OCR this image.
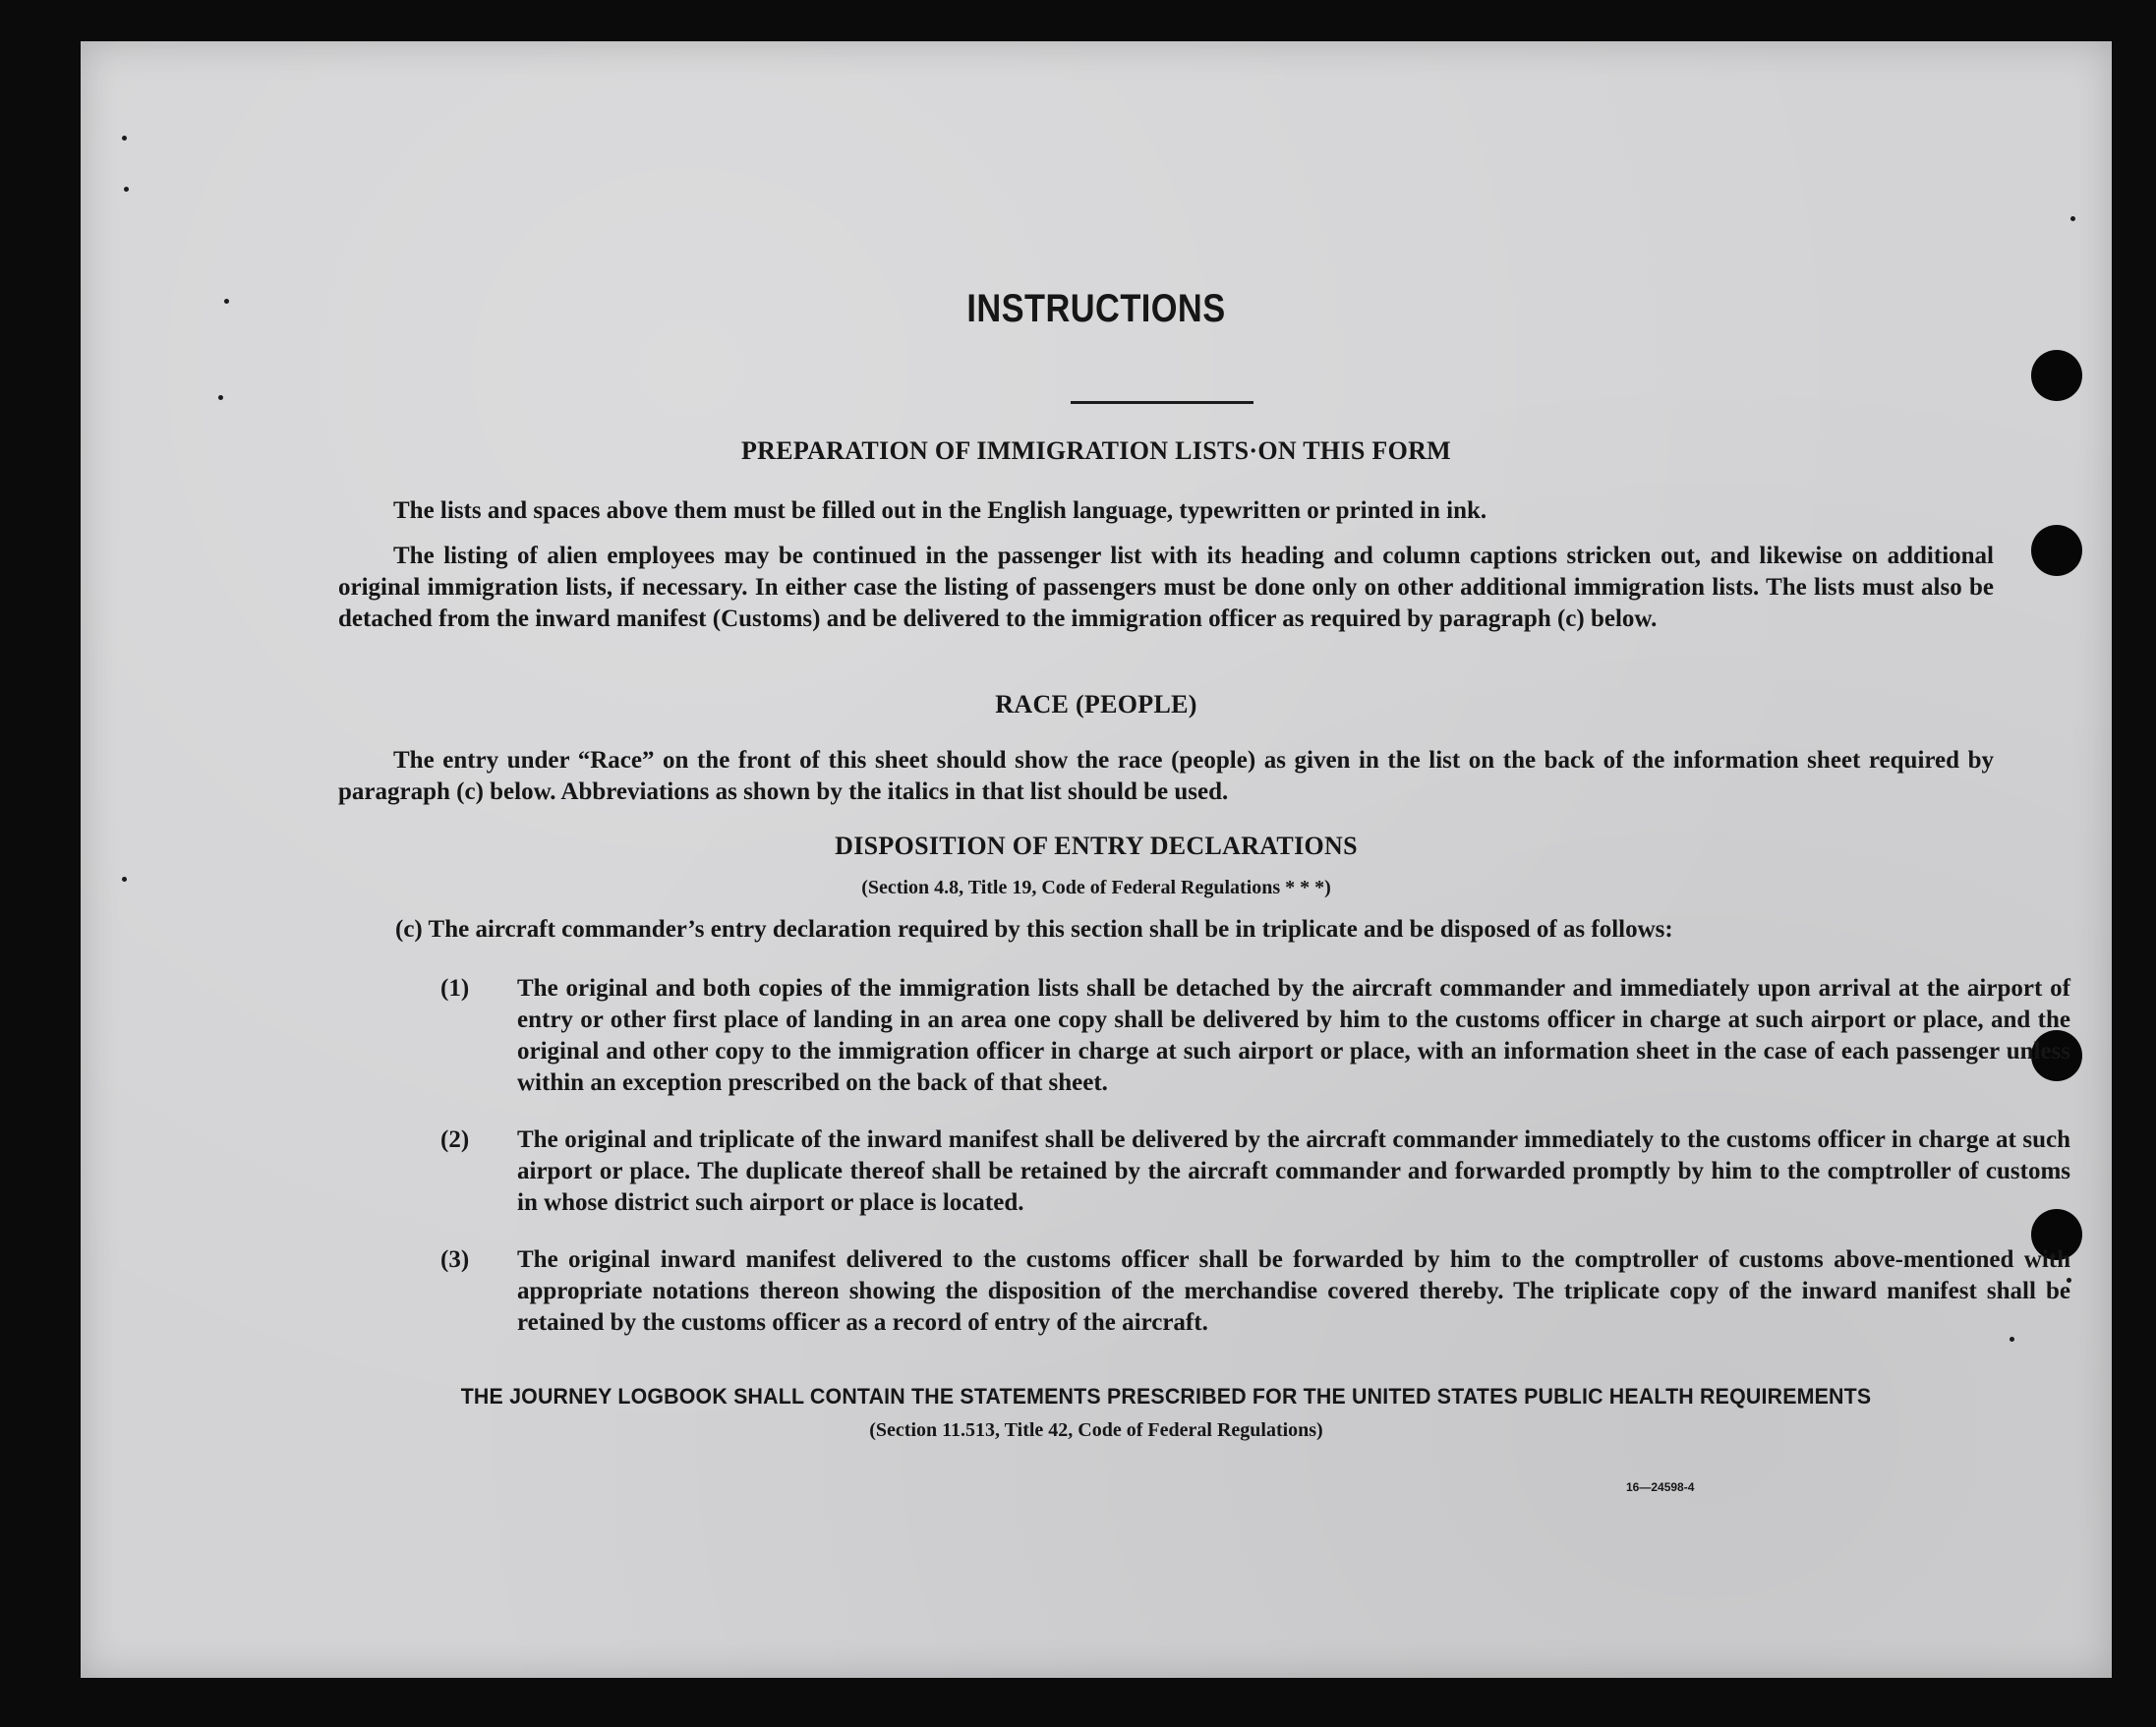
INSTRUCTIONS
PREPARATION OF IMMIGRATION LISTS·ON THIS FORM

The lists and spaces above them must be filled out in the English language, typewritten or printed in ink.

The listing of alien employees may be continued in the passenger list with its heading and column captions stricken out, and likewise on additional original immigration lists, if necessary. In either case the listing of passengers must be done only on other additional immigration lists. The lists must also be detached from the inward manifest (Customs) and be delivered to the immigration officer as required by paragraph (c) below.

RACE (PEOPLE)

The entry under “Race” on the front of this sheet should show the race (people) as given in the list on the back of the information sheet required by paragraph (c) below. Abbreviations as shown by the italics in that list should be used.

DISPOSITION OF ENTRY DECLARATIONS

(Section 4.8, Title 19, Code of Federal Regulations * * *)

(c) The aircraft commander’s entry declaration required by this section shall be in triplicate and be disposed of as follows:

(1) The original and both copies of the immigration lists shall be detached by the aircraft commander and immediately upon arrival at the airport of entry or other first place of landing in an area one copy shall be delivered by him to the customs officer in charge at such airport or place, and the original and other copy to the immigration officer in charge at such airport or place, with an information sheet in the case of each passenger unless within an exception prescribed on the back of that sheet.

(2) The original and triplicate of the inward manifest shall be delivered by the aircraft commander immediately to the customs officer in charge at such airport or place. The duplicate thereof shall be retained by the aircraft commander and forwarded promptly by him to the comptroller of customs in whose district such airport or place is located.

(3) The original inward manifest delivered to the customs officer shall be forwarded by him to the comptroller of customs above-mentioned with appropriate notations thereon showing the disposition of the merchandise covered thereby. The triplicate copy of the inward manifest shall be retained by the customs officer as a record of entry of the aircraft.

THE JOURNEY LOGBOOK SHALL CONTAIN THE STATEMENTS PRESCRIBED FOR THE UNITED STATES PUBLIC HEALTH REQUIREMENTS

(Section 11.513, Title 42, Code of Federal Regulations)

16—24598-4
